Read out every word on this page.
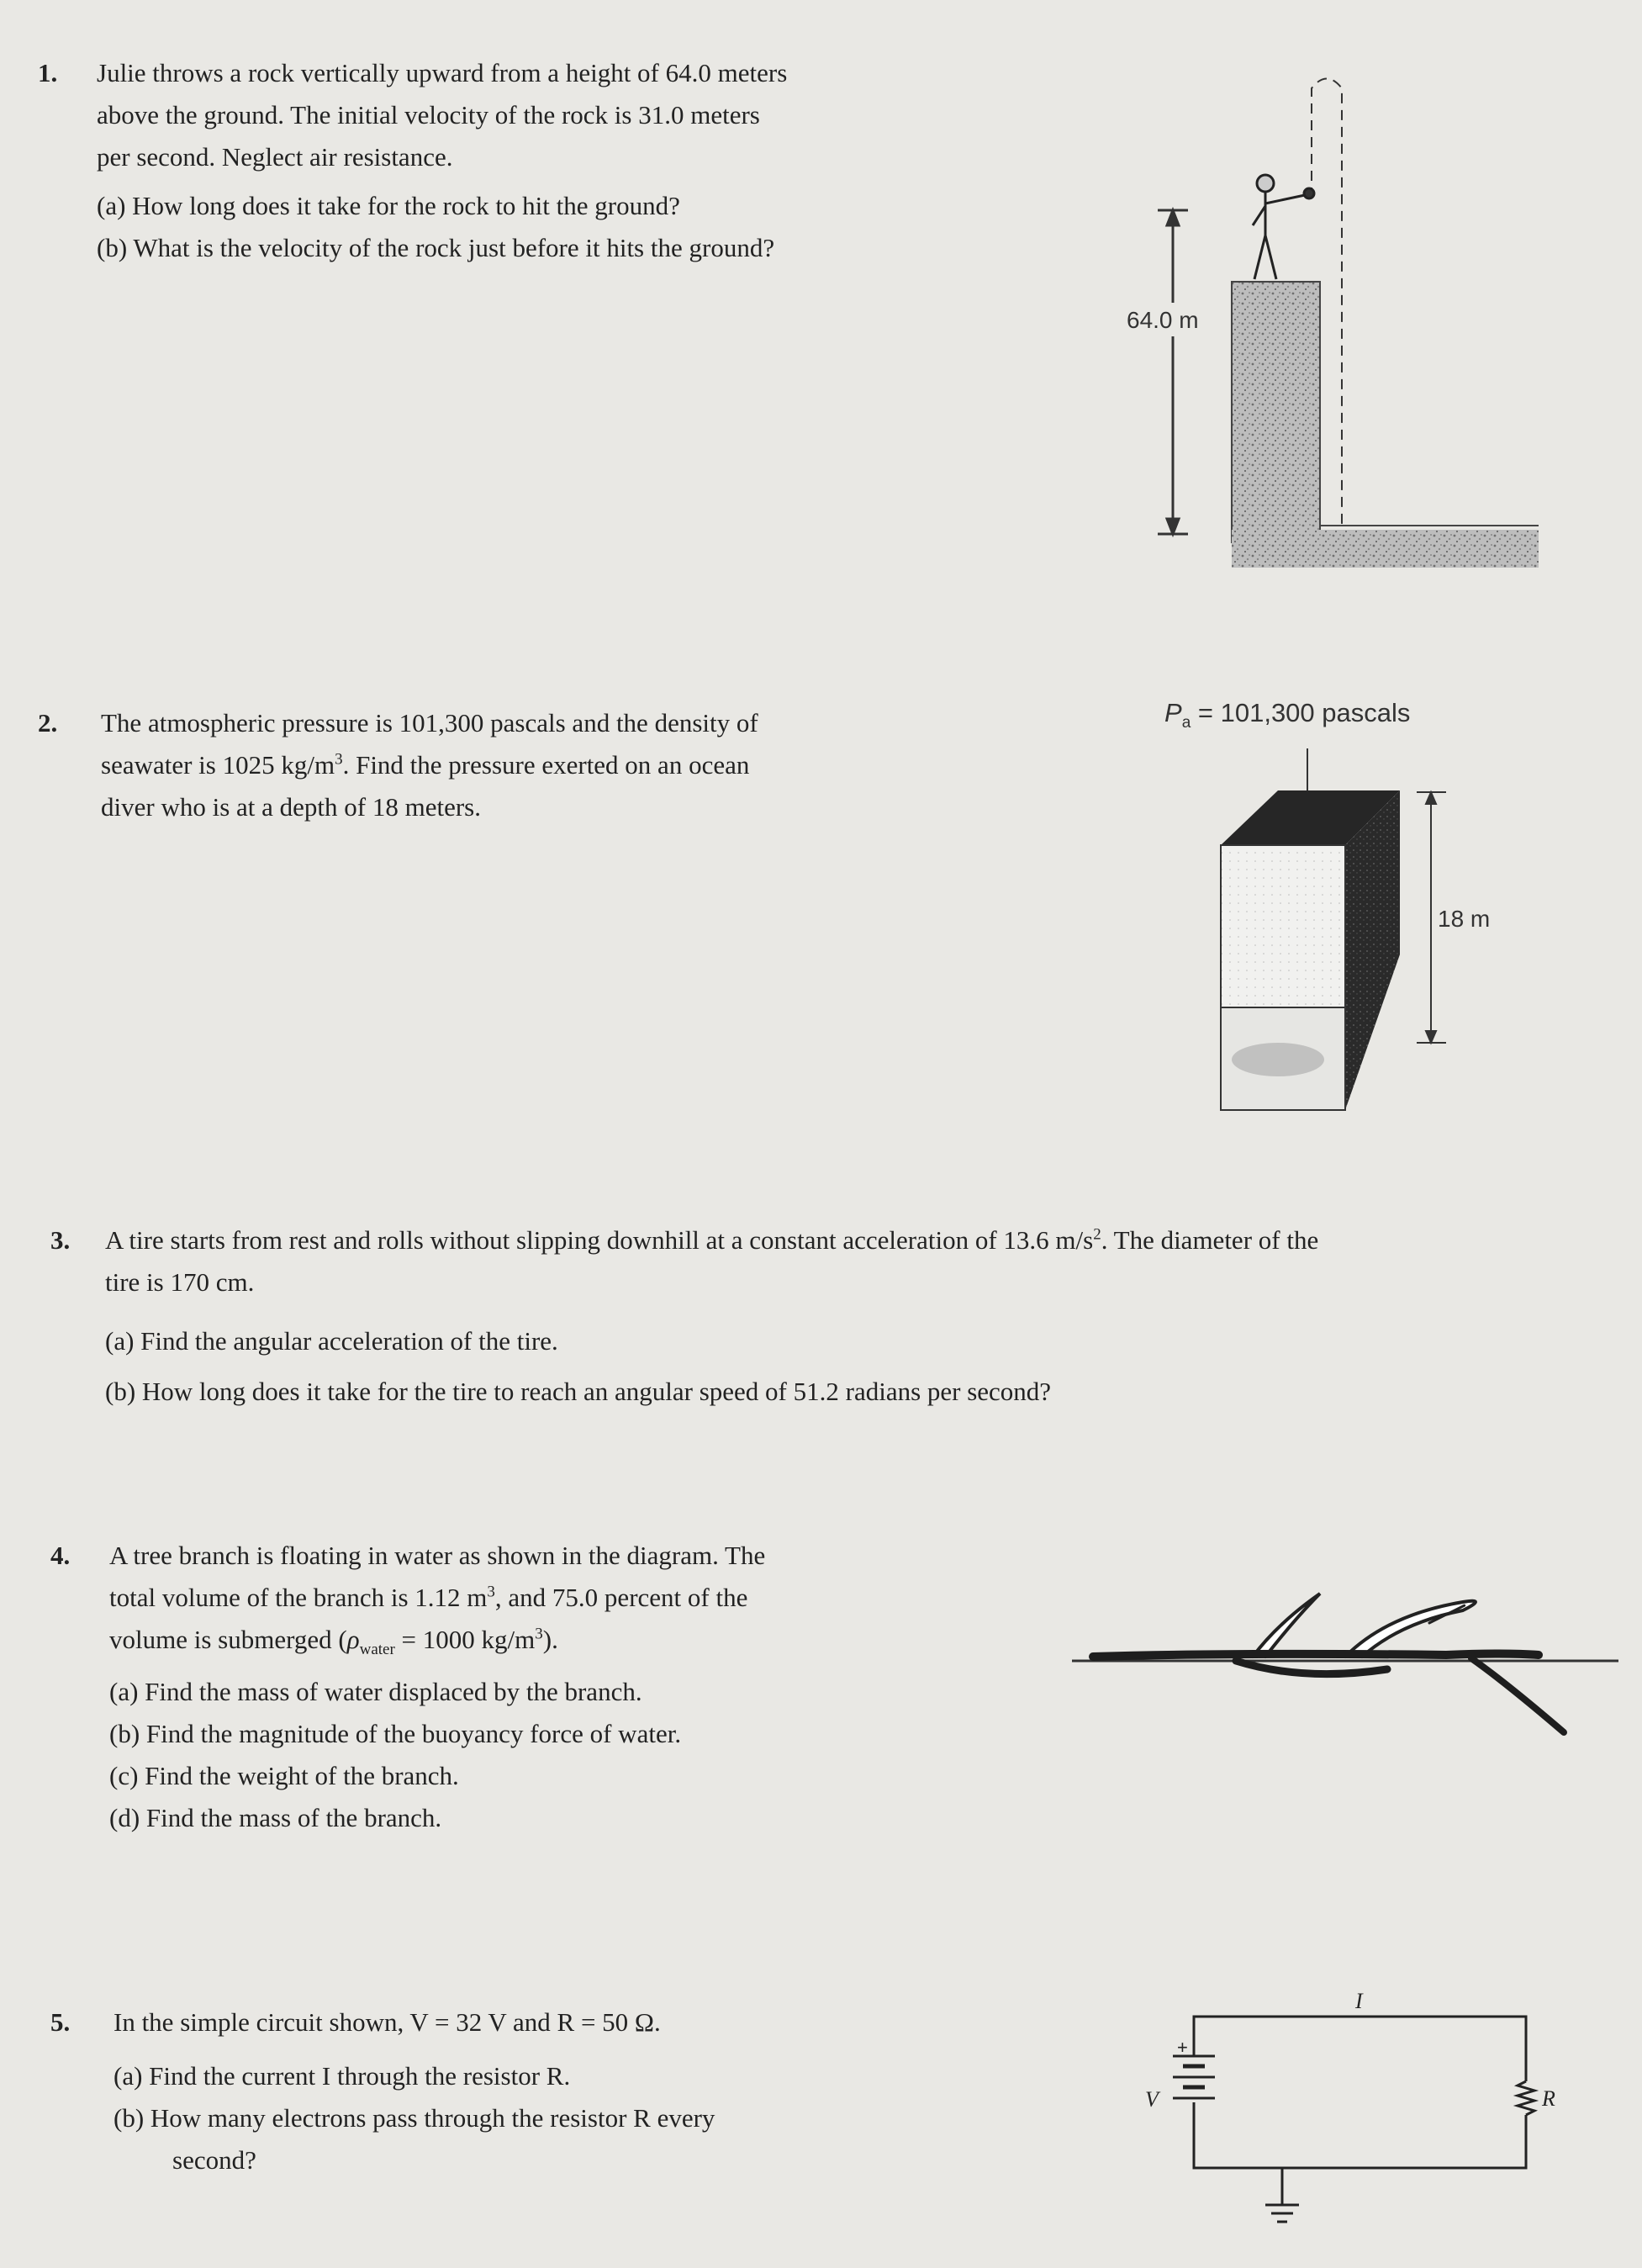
1. Julie throws a rock vertically upward from a height of 64.0 meters
above the ground. The initial velocity of the rock is 31.0 meters
per second. Neglect air resistance.
(a) How long does it take for the rock to hit the ground?
(b) What is the velocity of the rock just before it hits the ground?
64.0 m
2. The atmospheric pressure is 101,300 pascals and the density of
seawater is 1025 $kg/m^3$. Find the pressure exerted on an ocean
diver who is at a depth of 18 meters.
$P_a = 101,300$ pascals
18 m
3. A tire starts from rest and rolls without slipping downhill at a constant acceleration of 13.6 $m/s^2$. The diameter of the
tire is 170 cm.
(a) Find the angular acceleration of the tire.
(b) How long does it take for the tire to reach an angular speed of 51.2 radians per second?
4. A tree branch is floating in water as shown in the diagram. The
total volume of the branch is 1.12 $m^3$, and 75.0 percent of the
volume is submerged ($\rho_{water} = 1000$ $kg/m^3$).
(a) Find the mass of water displaced by the branch.
(b) Find the magnitude of the buoyancy force of water.
(c) Find the weight of the branch.
(d) Find the mass of the branch.
5. In the simple circuit shown, V = 32 V and R = 50 Ω.
(a) Find the current I through the resistor R.
(b) How many electrons pass through the resistor R every
second?
+
I
V	R
